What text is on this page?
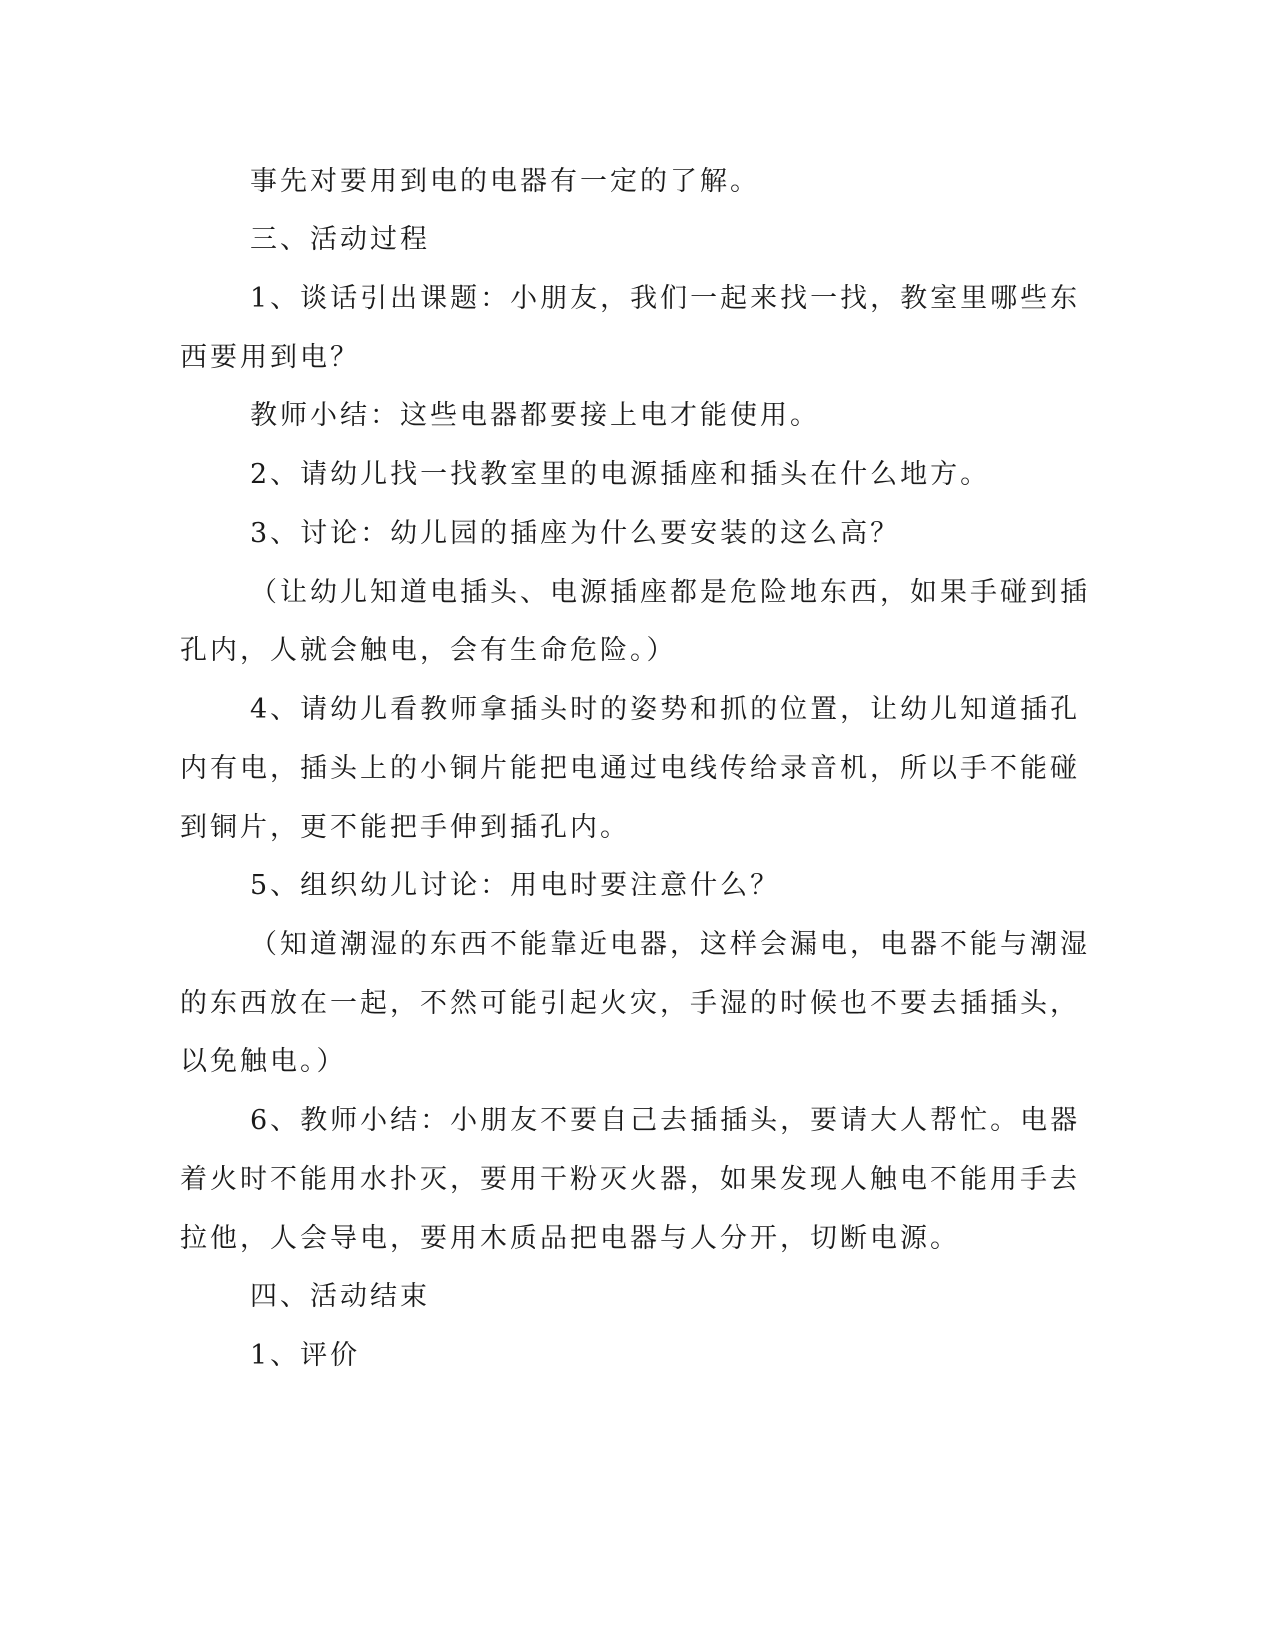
事先对要用到电的电器有一定的了解。

三、活动过程

1、谈话引出课题：小朋友，我们一起来找一找，教室里哪些东

西要用到电？

教师小结：这些电器都要接上电才能使用。

2、请幼儿找一找教室里的电源插座和插头在什么地方。

3、讨论：幼儿园的插座为什么要安装的这么高？

（让幼儿知道电插头、电源插座都是危险地东西，如果手碰到插

孔内，人就会触电，会有生命危险。）

4、请幼儿看教师拿插头时的姿势和抓的位置，让幼儿知道插孔

内有电，插头上的小铜片能把电通过电线传给录音机，所以手不能碰

到铜片，更不能把手伸到插孔内。

5、组织幼儿讨论：用电时要注意什么？

（知道潮湿的东西不能靠近电器，这样会漏电，电器不能与潮湿

的东西放在一起，不然可能引起火灾，手湿的时候也不要去插插头，

以免触电。）

6、教师小结：小朋友不要自己去插插头，要请大人帮忙。电器

着火时不能用水扑灭，要用干粉灭火器，如果发现人触电不能用手去

拉他，人会导电，要用木质品把电器与人分开，切断电源。

四、活动结束

1、评价
